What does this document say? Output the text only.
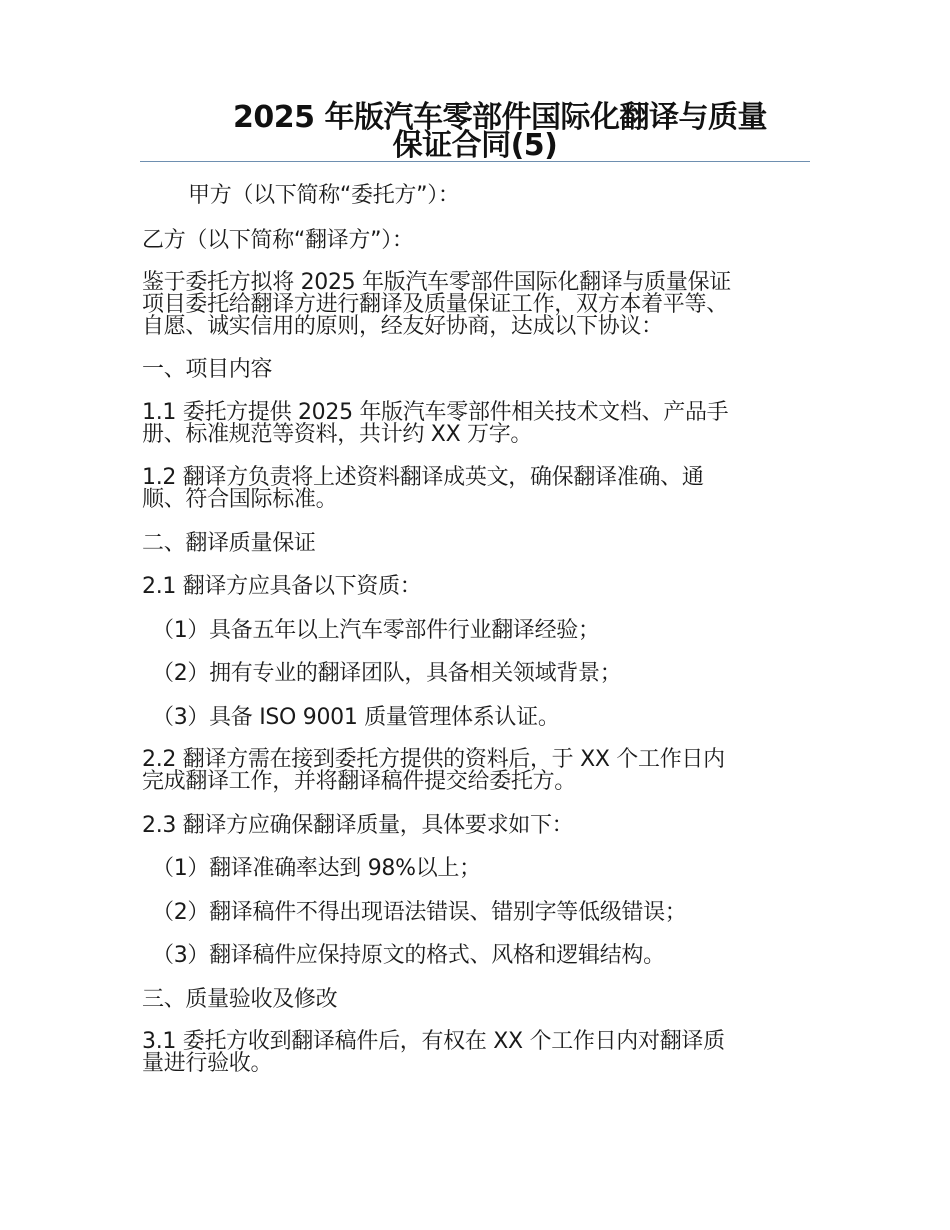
2025 年版汽车零部件国际化翻译与质量
保证合同(5)
甲方（以下简称“委托方”）：
乙方（以下简称“翻译方”）：
鉴于委托方拟将 2025 年版汽车零部件国际化翻译与质量保证
项目委托给翻译方进行翻译及质量保证工作，双方本着平等、
自愿、诚实信用的原则，经友好协商，达成以下协议：
一、项目内容
1.1 委托方提供 2025 年版汽车零部件相关技术文档、产品手
册、标准规范等资料，共计约 XX 万字。
1.2 翻译方负责将上述资料翻译成英文，确保翻译准确、通
顺、符合国际标准。
二、翻译质量保证
2.1 翻译方应具备以下资质：
（1）具备五年以上汽车零部件行业翻译经验；
（2）拥有专业的翻译团队，具备相关领域背景；
（3）具备 ISO 9001 质量管理体系认证。
2.2 翻译方需在接到委托方提供的资料后，于 XX 个工作日内
完成翻译工作，并将翻译稿件提交给委托方。
2.3 翻译方应确保翻译质量，具体要求如下：
（1）翻译准确率达到 98%以上；
（2）翻译稿件不得出现语法错误、错别字等低级错误；
（3）翻译稿件应保持原文的格式、风格和逻辑结构。
三、质量验收及修改
3.1 委托方收到翻译稿件后，有权在 XX 个工作日内对翻译质
量进行验收。
